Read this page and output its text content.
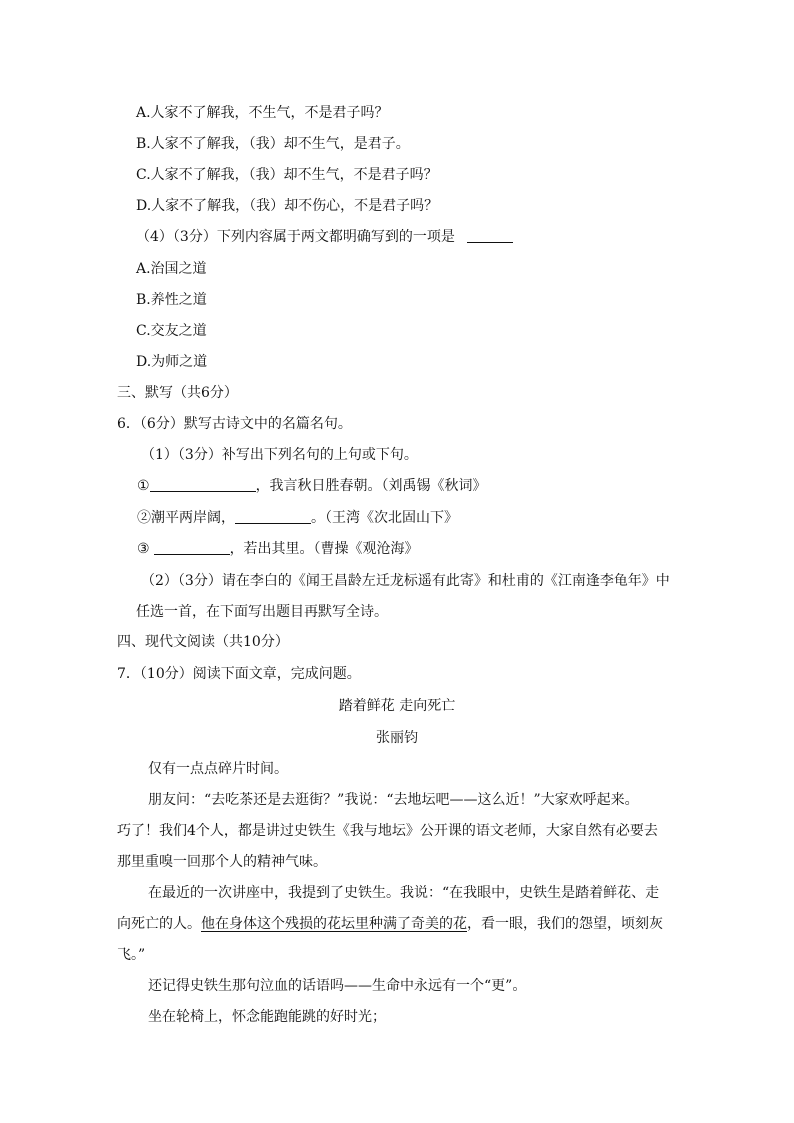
A.人家不了解我，不生气，不是君子吗？
B.人家不了解我，（我）却不生气，是君子。
C.人家不了解我，（我）却不生气，不是君子吗？
D.人家不了解我，（我）却不伤心，不是君子吗？
（4）（3分）下列内容属于两文都明确写到的一项是
A.治国之道
B.养性之道
C.交友之道
D.为师之道
三、默写（共6分）
6．（6分）默写古诗文中的名篇名句。
（1）（3分）补写出下列名句的上句或下句。
①	，我言秋日胜春朝。（刘禹锡《秋词》
②潮平两岸阔，	。（王湾《次北固山下》
③	，若出其里。（曹操《观沧海》
（2）（3分）请在李白的《闻王昌龄左迁龙标遥有此寄》和杜甫的《江南逢李龟年》中
任选一首，在下面写出题目再默写全诗。
四、现代文阅读（共10分）
7．（10分）阅读下面文章，完成问题。
踏着鲜花 走向死亡
张丽钧
仅有一点点碎片时间。
朋友问：“去吃茶还是去逛街？”我说：“去地坛吧——这么近！”大家欢呼起来。
巧了！我们4个人，都是讲过史铁生《我与地坛》公开课的语文老师，大家自然有必要去
那里重嗅一回那个人的精神气味。
在最近的一次讲座中，我提到了史铁生。我说：“在我眼中，史铁生是踏着鲜花、走
向死亡的人。他在身体这个残损的花坛里种满了奇美的花，看一眼，我们的怨望，顷刻灰
飞。”
还记得史铁生那句泣血的话语吗——生命中永远有一个“更”。
坐在轮椅上，怀念能跑能跳的好时光；
